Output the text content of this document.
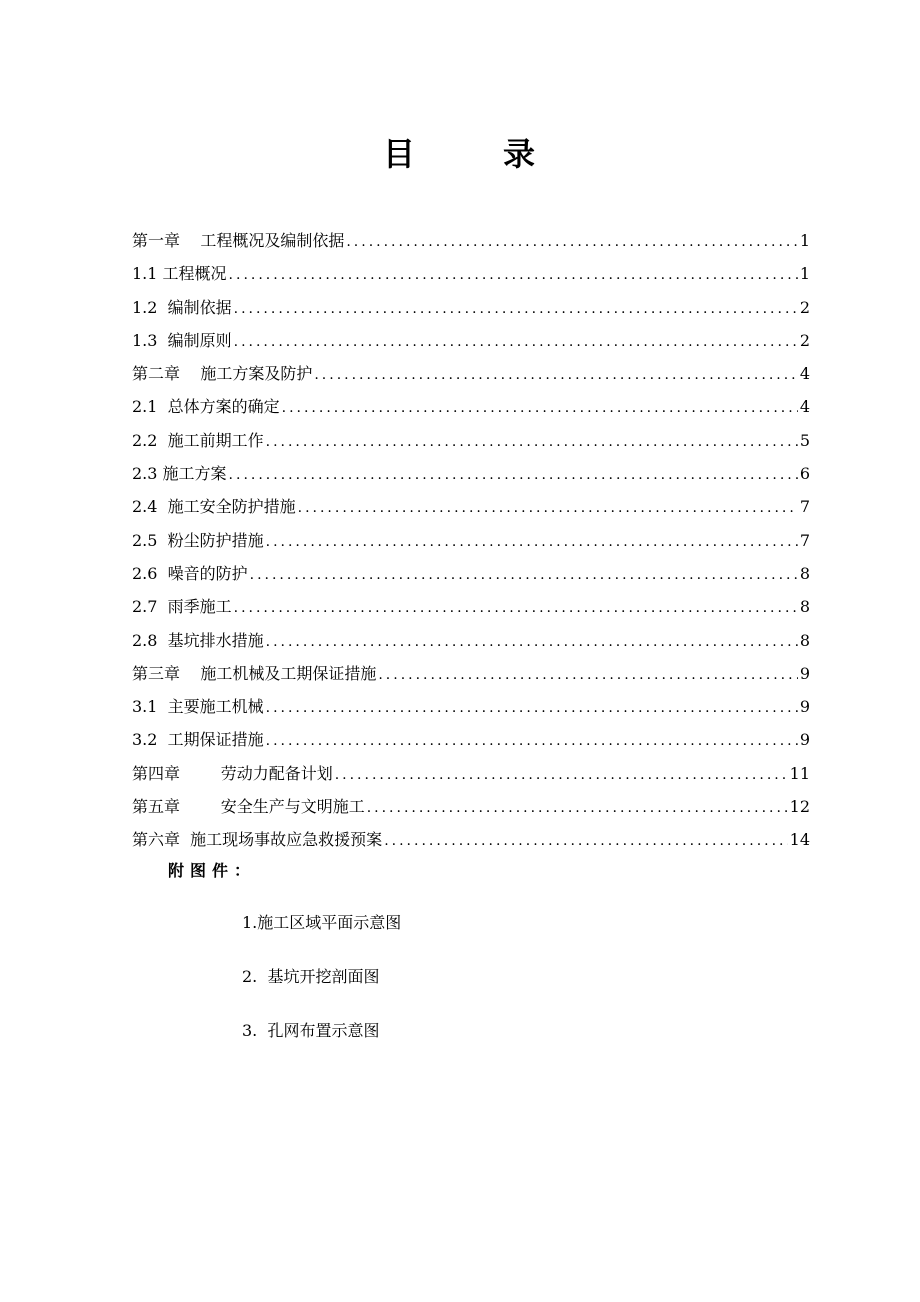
目	录
第一章    工程概况及编制依据 .....	1
1.1 工程概况 .....	1
1.2  编制依据 .....	2
1.3  编制原则 .....	2
第二章    施工方案及防护 .....	4
2.1  总体方案的确定 .....	4
2.2  施工前期工作 .....	5
2.3 施工方案 .....	6
2.4  施工安全防护措施 .....	7
2.5  粉尘防护措施 .....	7
2.6  噪音的防护 .....	8
2.7  雨季施工 .....	8
2.8  基坑排水措施 .....	8
第三章    施工机械及工期保证措施 .....	9
3.1  主要施工机械 .....	9
3.2  工期保证措施 .....	9
第四章        劳动力配备计划 .....	11
第五章        安全生产与文明施工 .....	12
第六章  施工现场事故应急救援预案 .....	14
附图件：
1.施工区域平面示意图
2.  基坑开挖剖面图
3.  孔网布置示意图
